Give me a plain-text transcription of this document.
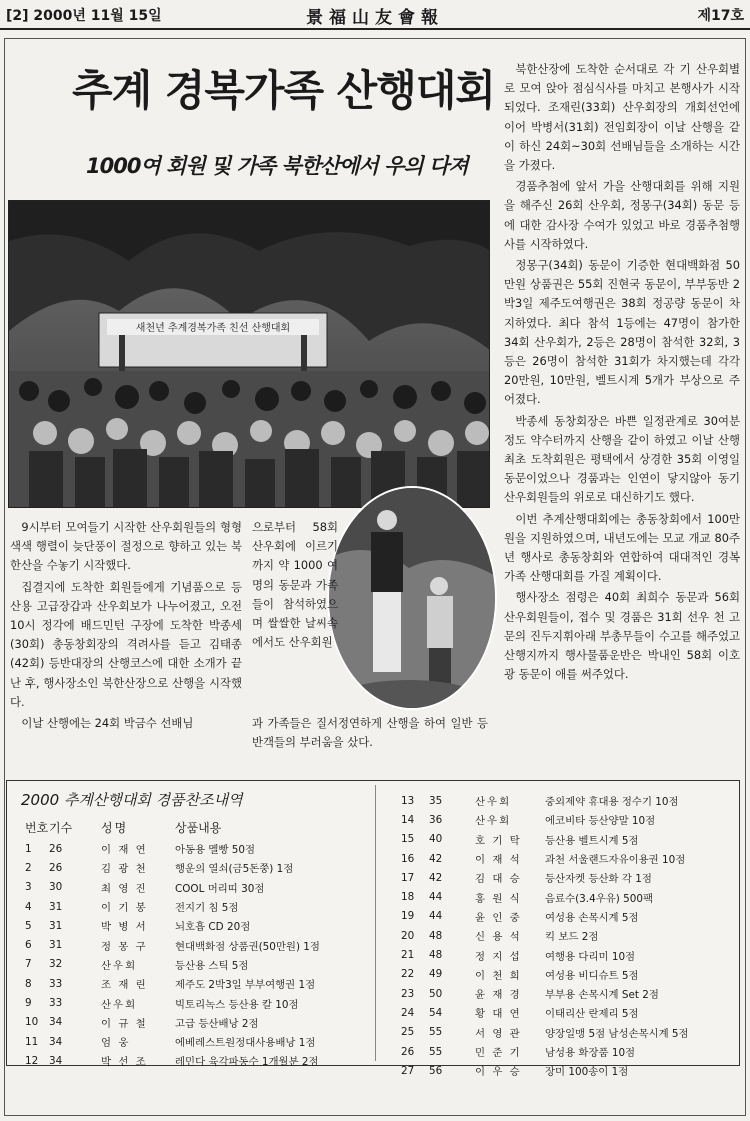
[2] 2000년 11월 15일	景福山友會報	제17호
추계 경복가족 산행대회
1000여 회원 및 가족 북한산에서 우의 다져
새천년 추계경복가족 친선 산행대회

9시부터 모여들기 시작한 산우회원들의 형형색색 행렬이 늦단풍이 절정으로 향하고 있는 북한산을 수놓기 시작했다.

집결지에 도착한 회원들에게 기념품으로 등산용 고급장갑과 산우회보가 나누어졌고, 오전 10시 정각에 배드민턴 구장에 도착한 박종세(30회) 총동창회장의 격려사를 듣고 김태종(42회) 등반대장의 산행코스에 대한 소개가 끝난 후, 행사장소인 북한산장으로 산행을 시작했다.

이날 산행에는 24회 박금수 선배님

으로부터 58회 산우회에 이르기까지 약 1000 여명의 동문과 가족들이 참석하였으며 쌀쌀한 날씨속에서도 산우회원
과 가족들은 질서정연하게 산행을 하여 일반 등반객들의 부러움을 샀다.

북한산장에 도착한 순서대로 각 기 산우회별로 모여 앉아 점심식사를 마치고 본행사가 시작되었다. 조재린(33회) 산우회장의 개회선언에 이어 박병서(31회) 전임회장이 이날 산행을 같이 하신 24회~30회 선배님들을 소개하는 시간을 가졌다.

경품추첨에 앞서 가을 산행대회를 위해 지원을 해주신 26회 산우회, 정몽구(34회) 동문 등에 대한 감사장 수여가 있었고 바로 경품추첨행사를 시작하였다.

정몽구(34회) 동문이 기증한 현대백화점 50만원 상품권은 55회 진현국 동문이, 부부동반 2박3일 제주도여행권은 38회 정공량 동문이 차지하였다. 최다 참석 1등에는 47명이 참가한 34회 산우회가, 2등은 28명이 참석한 32회, 3등은 26명이 참석한 31회가 차지했는데 각각 20만원, 10만원, 벨트시계 5개가 부상으로 주어졌다.

박종세 동창회장은 바쁜 일정관계로 30여분정도 약수터까지 산행을 같이 하였고 이날 산행 최초 도착회원은 평택에서 상경한 35회 이영일 동문이었으나 경품과는 인연이 닿지않아 동기 산우회원들의 위로로 대신하기도 했다.

이번 추계산행대회에는 총동창회에서 100만원을 지원하였으며, 내년도에는 모교 개교 80주년 행사로 총동창회와 연합하여 대대적인 경복가족 산행대회를 가질 계획이다.

행사장소 점령은 40회 최희수 동문과 56회 산우회원들이, 접수 및 경품은 31회 선우 천 고문의 진두지휘아래 부총무들이 수고를 해주었고 산행지까지 행사물품운반은 박내인 58회 이호광 동문이 애를 써주었다.

2000 추계산행대회 경품찬조내역
번호 기수	성명	상품내용
1	26	이 재 연	아동용 멜빵 50점
2	26	김 광 천	행운의 열쇠(금5돈쭝) 1점
3	30	최 영 진	COOL 머리띠 30점
4	31	이 기 봉	전지기 침 5점
5	31	박 병 서	뇌호흡 CD 20점
6	31	정 몽 구	현대백화점 상품권(50만원) 1점
7	32	산우회	등산용 스틱 5점
8	33	조 재 린	제주도 2박3일 부부여행권 1점
9	33	산우회	빅토리녹스 등산용 칼 10점
10	34	이 규 철	고급 등산배낭 2점
11	34	엄 웅	에베레스트원정대사용배낭 1점
12	34	박 선 조	레민다 육각파동수 1개월분 2점
13	35	산우회	중외제약 휴대용 정수기 10점
14	36	산우회	에코비타 등산양말 10점
15	40	호 기 탁	등산용 벨트시계 5점
16	42	이 재 석	과천 서울랜드자유이용권 10점
17	42	김 대 승	등산자켓 등산화 각 1점
18	44	홍 원 식	음료수(3.4우유) 500팩
19	44	윤 인 중	여성용 손목시계 5점
20	48	신 용 석	킥 보드 2점
21	48	정 지 섭	여행용 다리미 10점
22	49	이 천 희	여성용 비디슈트 5점
23	50	윤 재 경	부부용 손목시계 Set 2점
24	54	황 대 연	이태리산 란제리 5점
25	55	서 영 관	양장일맹 5점 남성손목시계 5점
26	55	민 준 기	남성용 화장품 10점
27	56	이 우 승	장미 100송이 1점
